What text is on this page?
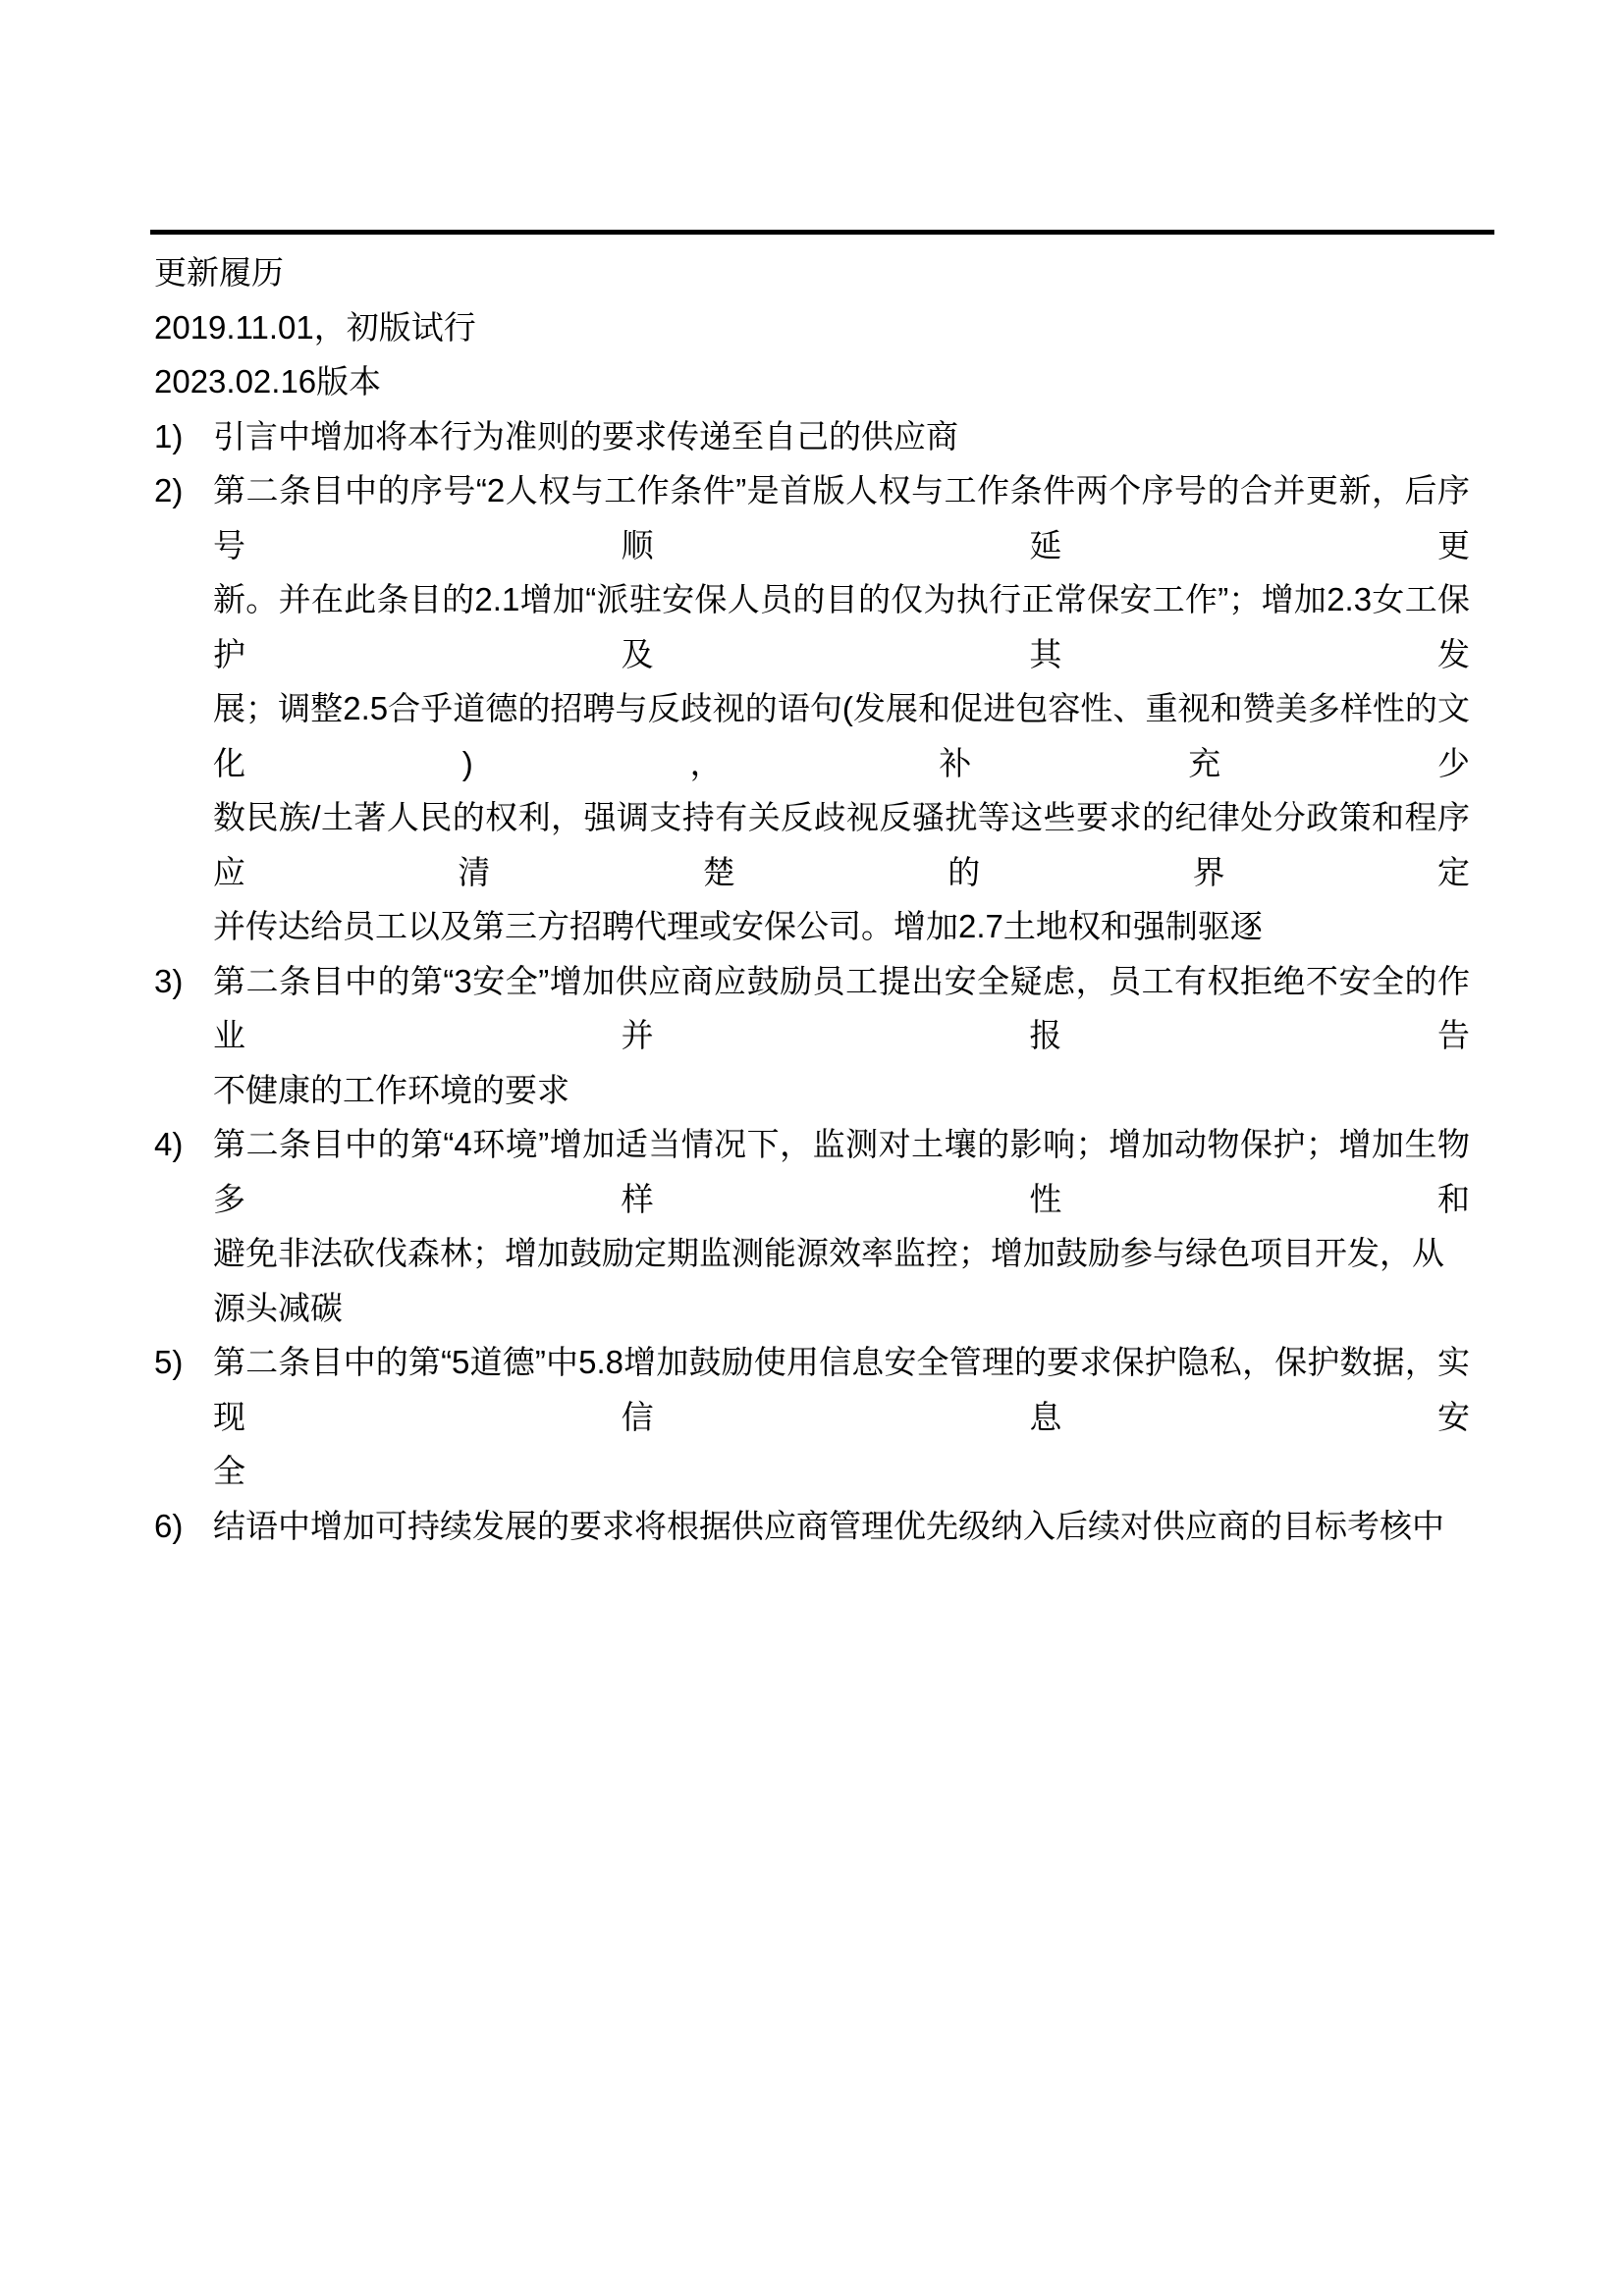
更新履历
2019.11.01，初版试行
2023.02.16版本
1) 引言中增加将本行为准则的要求传递至自己的供应商
2) 第二条目中的序号“2人权与工作条件”是首版人权与工作条件两个序号的合并更新，后序号顺延更
新。并在此条目的2.1增加“派驻安保人员的目的仅为执行正常保安工作”；增加2.3女工保护及其发
展；调整2.5合乎道德的招聘与反歧视的语句(发展和促进包容性、重视和赞美多样性的文化)，补充少
数民族/土著人民的权利，强调支持有关反歧视反骚扰等这些要求的纪律处分政策和程序应清楚的界定
并传达给员工以及第三方招聘代理或安保公司。增加2.7土地权和强制驱逐
3) 第二条目中的第“3安全”增加供应商应鼓励员工提出安全疑虑，员工有权拒绝不安全的作业并报告
不健康的工作环境的要求
4) 第二条目中的第“4环境”增加适当情况下，监测对土壤的影响；增加动物保护；增加生物多样性和
避免非法砍伐森林；增加鼓励定期监测能源效率监控；增加鼓励参与绿色项目开发，从源头减碳
5) 第二条目中的第“5道德”中5.8增加鼓励使用信息安全管理的要求保护隐私，保护数据，实现信息安
全
6) 结语中增加可持续发展的要求将根据供应商管理优先级纳入后续对供应商的目标考核中
